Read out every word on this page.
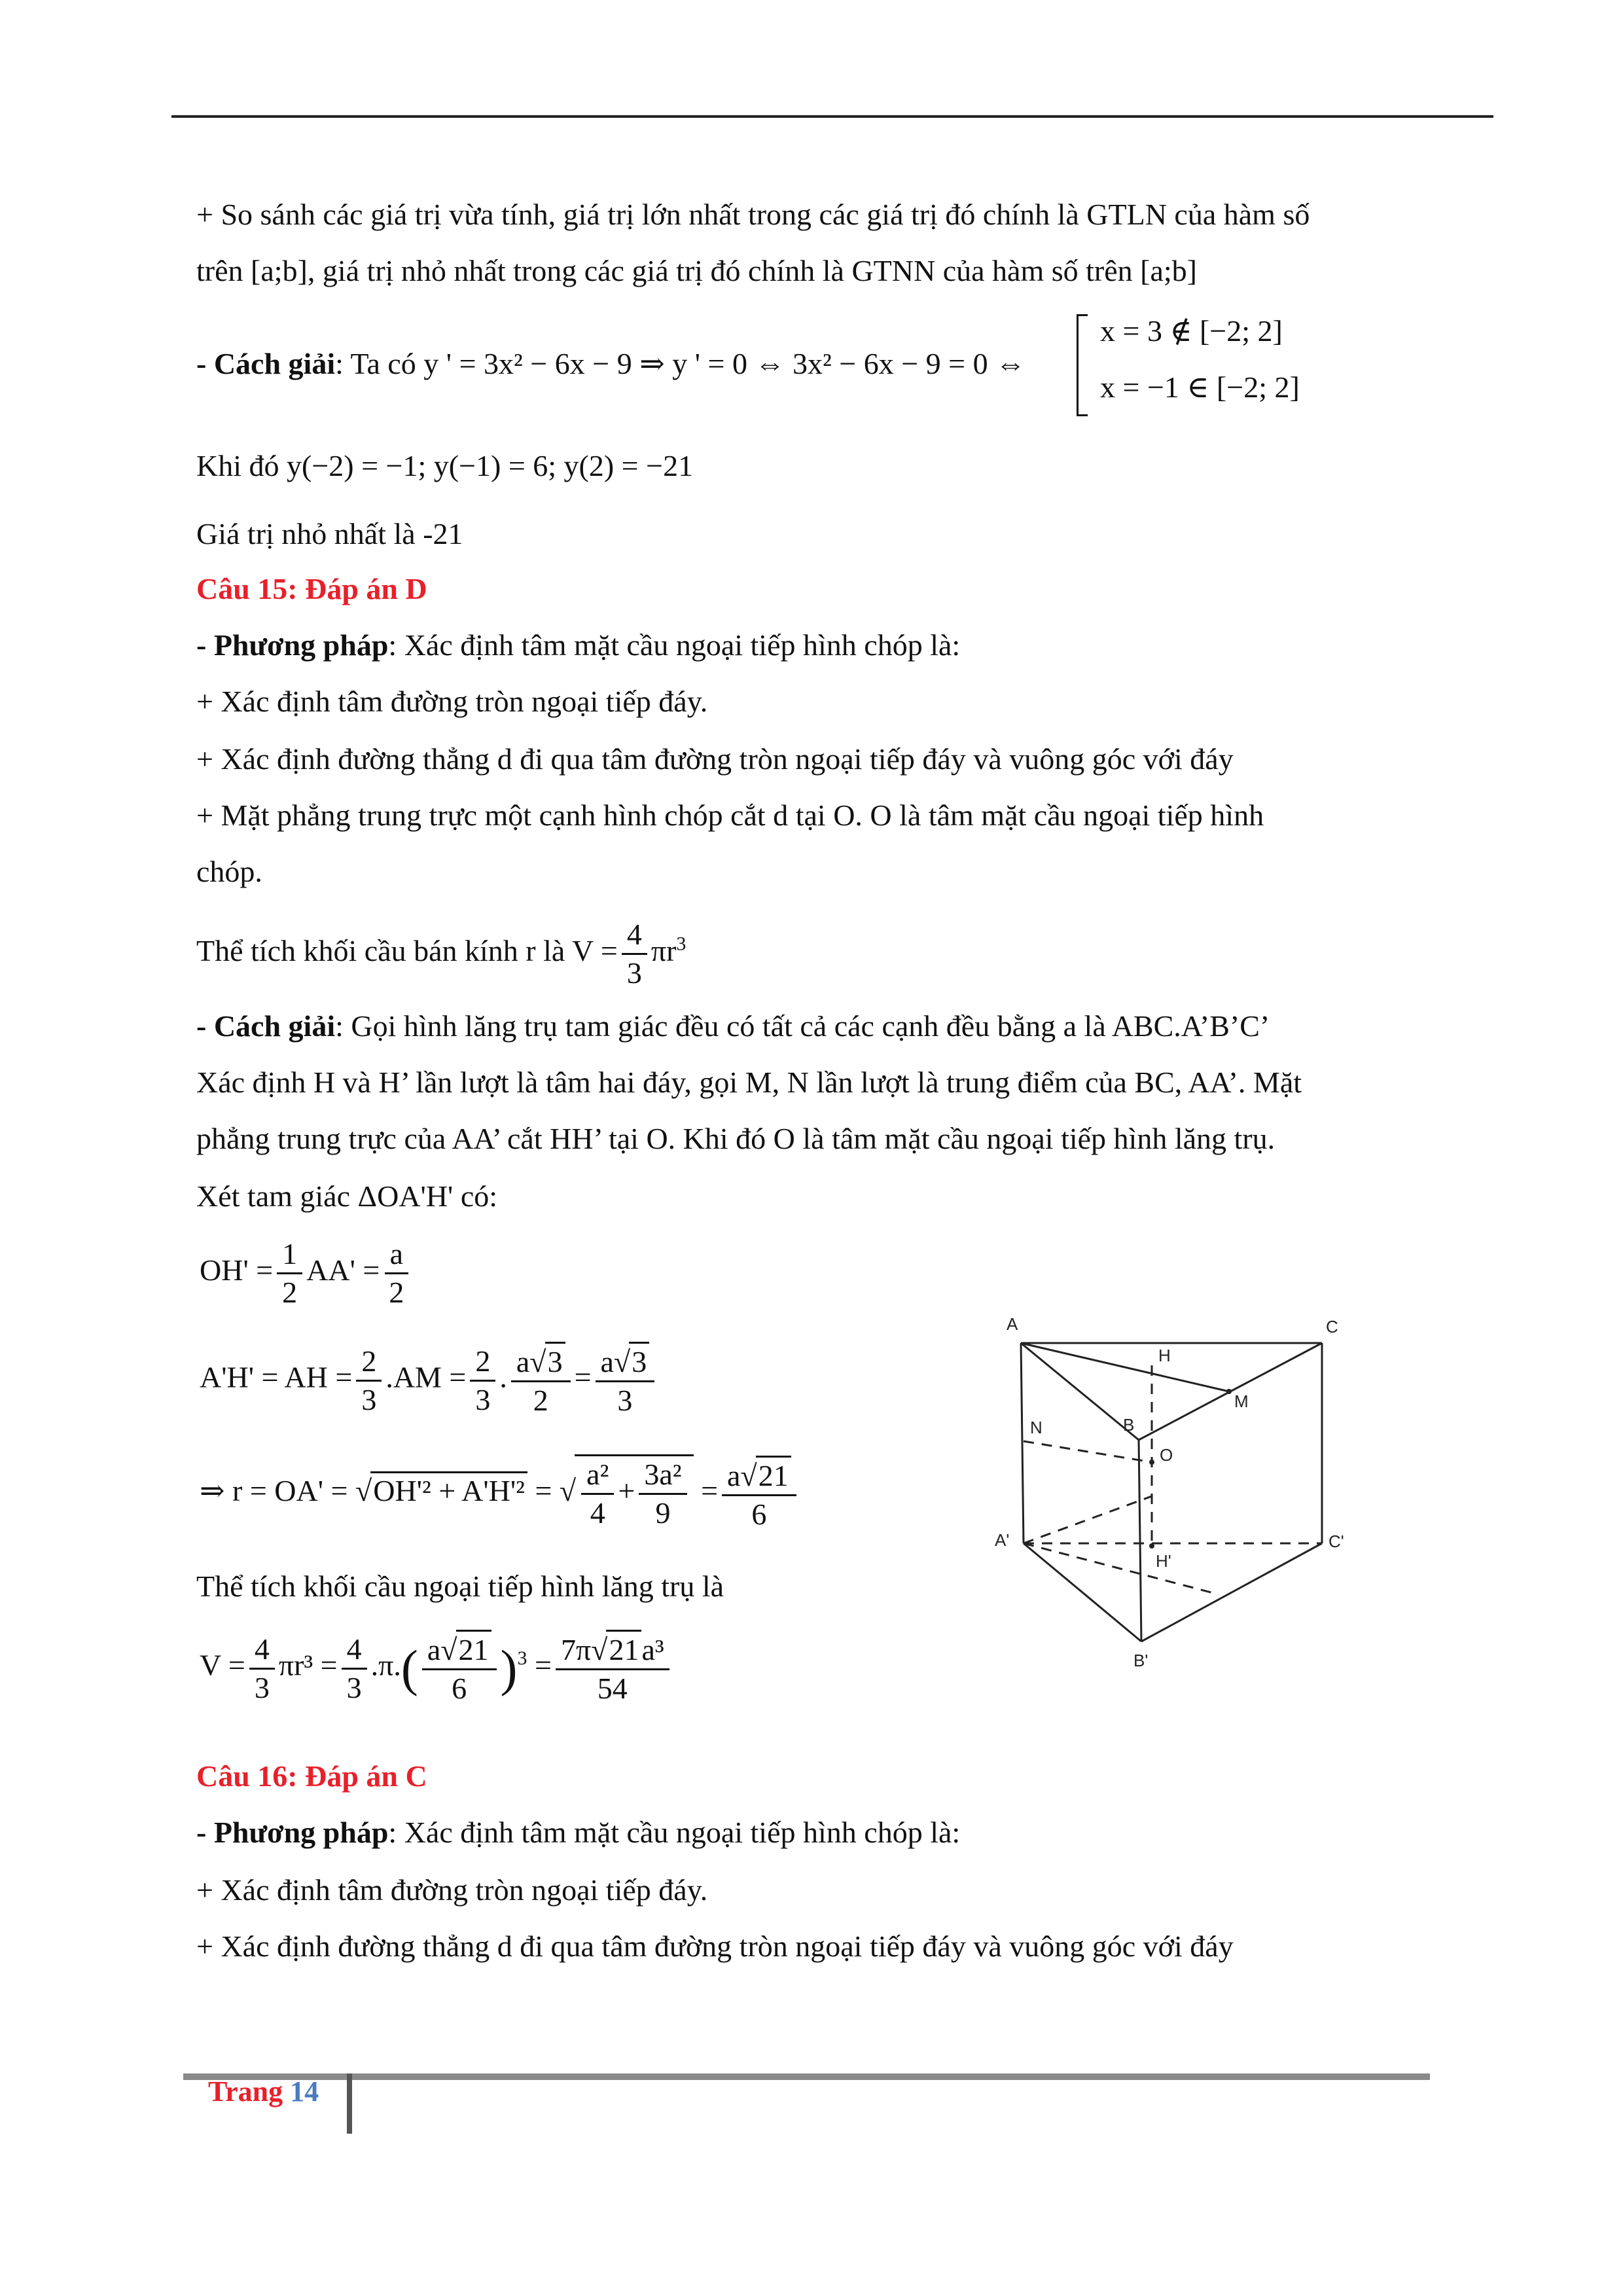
+ So sánh các giá trị vừa tính, giá trị lớn nhất trong các giá trị đó chính là GTLN của hàm số
trên [a;b], giá trị nhỏ nhất trong các giá trị đó chính là GTNN của hàm số trên [a;b]
- Cách giải: Ta có y ' = 3x² − 6x − 9 ⇒ y ' = 0 ⇔ 3x² − 6x − 9 = 0 ⇔
x = 3 ∉ [−2; 2]
x = −1 ∈ [−2; 2]
Khi đó y(−2) = −1; y(−1) = 6; y(2) = −21
Giá trị nhỏ nhất là -21
Câu 15: Đáp án D
- Phương pháp: Xác định tâm mặt cầu ngoại tiếp hình chóp là:
+ Xác định tâm đường tròn ngoại tiếp đáy.
+ Xác định đường thẳng d đi qua tâm đường tròn ngoại tiếp đáy và vuông góc với đáy
+ Mặt phẳng trung trực một cạnh hình chóp cắt d tại O. O là tâm mặt cầu ngoại tiếp hình
chóp.
Thể tích khối cầu bán kính r là $V = \frac{4}{3} \pi r^3$
- Cách giải: Gọi hình lăng trụ tam giác đều có tất cả các cạnh đều bằng a là ABC.A’B’C’
Xác định H và H’ lần lượt là tâm hai đáy, gọi M, N lần lượt là trung điểm của BC, AA’. Mặt
phẳng trung trực của AA’ cắt HH’ tại O. Khi đó O là tâm mặt cầu ngoại tiếp hình lăng trụ.
Xét tam giác ΔOA'H' có:
$OH' = \frac{1}{2} AA' = \frac{a}{2}$
A'H' = AH = $\frac{2}{3} .AM = \frac{2}{3}$ . $\frac{a√3}{2} = \frac{a√3}{3}$
⇒ r = OA' = √OH'² + A'H'² = √ $\frac{\text{a²}}{4} + \frac{\text{3a²}}{9} = \frac{a√21}{6}$
Thể tích khối cầu ngoại tiếp hình lăng trụ là
$V = \frac{4}{3} \pi r^3 = \frac{4}{3} .\pi.( \frac{a√21}{6} )^3 = \frac{\text{7π√21a³}}{54}$
A	C
H
B
M
N
O
A'	C'
H'
B'
Câu 16: Đáp án C
- Phương pháp: Xác định tâm mặt cầu ngoại tiếp hình chóp là:
+ Xác định tâm đường tròn ngoại tiếp đáy.
+ Xác định đường thẳng d đi qua tâm đường tròn ngoại tiếp đáy và vuông góc với đáy
Trang 14
